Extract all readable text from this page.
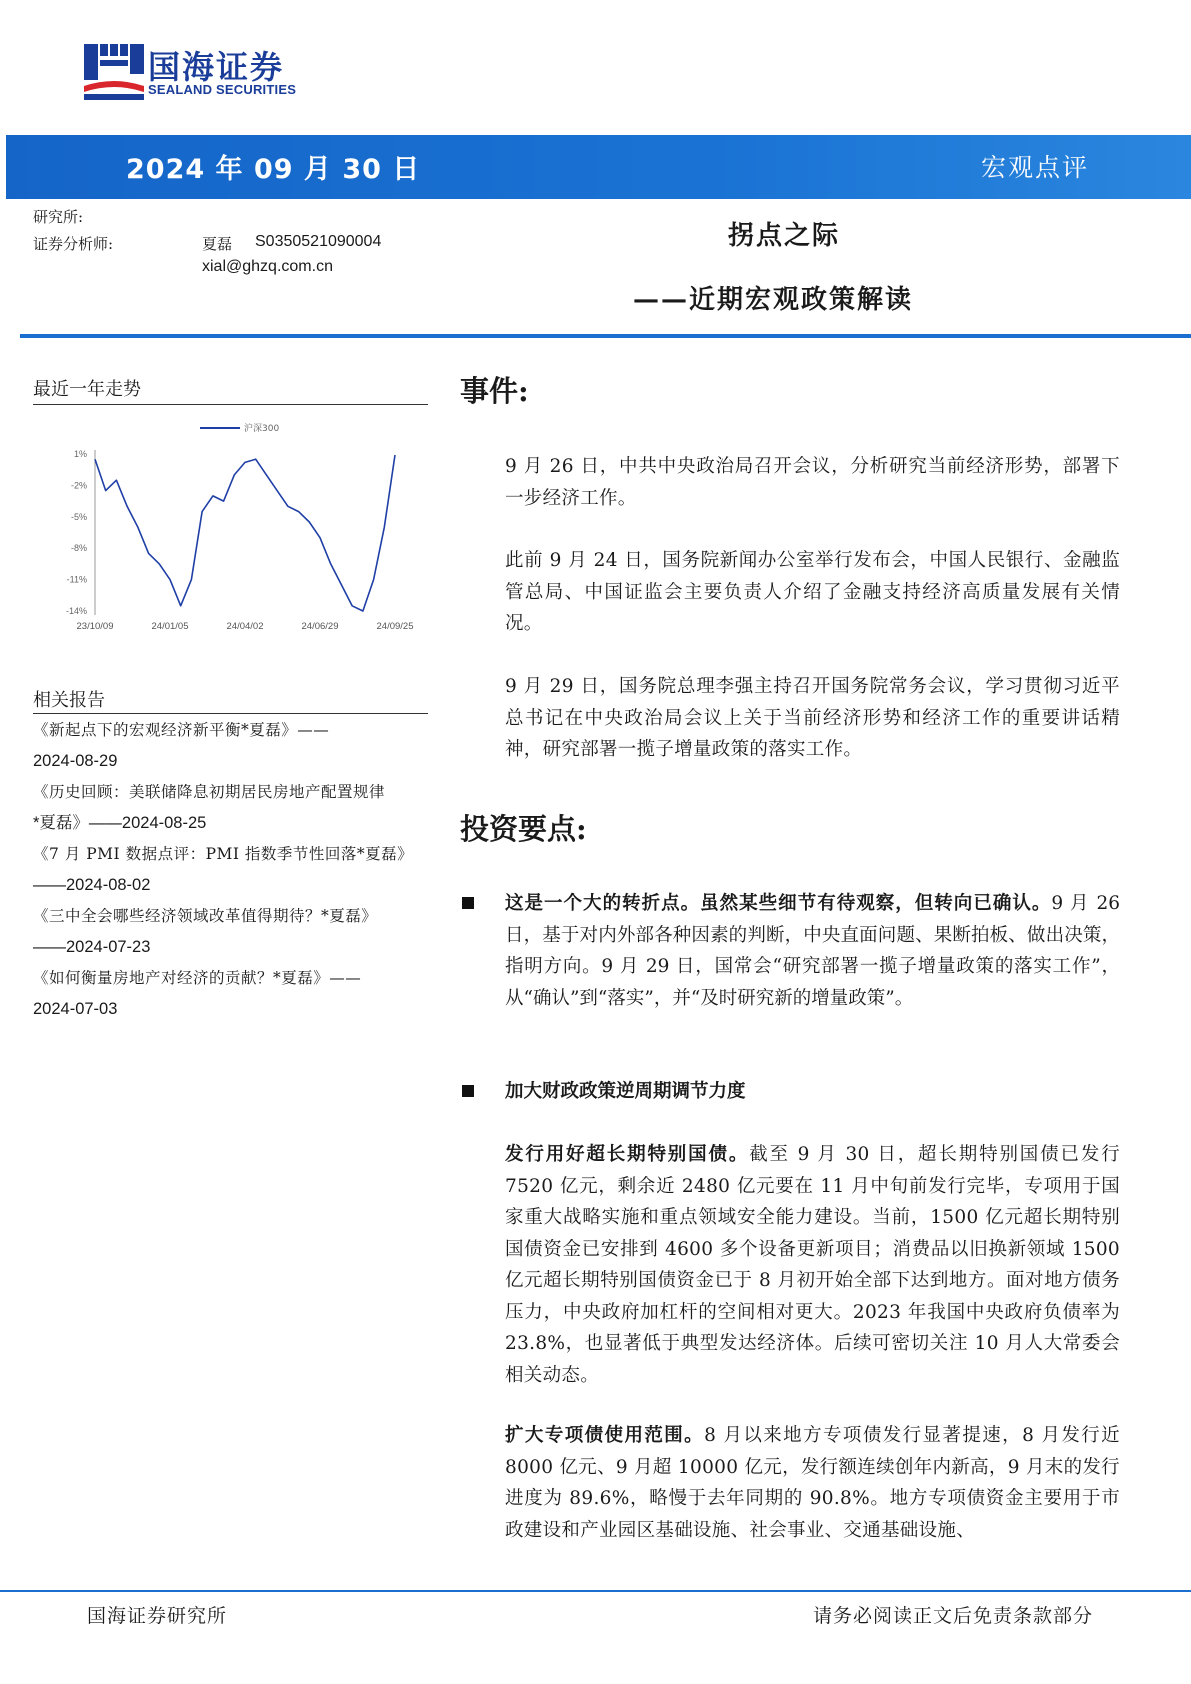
国海证券
SEALAND SECURITIES
2024 年 09 月 30 日	宏观点评
研究所:
证券分析师:	夏磊 S0350521090004
xial@ghzq.com.cn
拐点之际
——近期宏观政策解读
最近一年走势
1%
-2%
-5%
-8%
-11%
-14%
23/10/09	24/01/05	24/04/02	24/06/29	24/09/25
沪深300
相关报告
《新起点下的宏观经济新平衡*夏磊》——
2024-08-29
《历史回顾：美联储降息初期居民房地产配置规律
*夏磊》——2024-08-25
《7 月 PMI 数据点评：PMI 指数季节性回落*夏磊》
——2024-08-02
《三中全会哪些经济领域改革值得期待？*夏磊》
——2024-07-23
《如何衡量房地产对经济的贡献？*夏磊》——
2024-07-03
事件:
9 月 26 日，中共中央政治局召开会议，分析研究当前经济形势，部署下一步经济工作。
此前 9 月 24 日，国务院新闻办公室举行发布会，中国人民银行、金融监管总局、中国证监会主要负责人介绍了金融支持经济高质量发展有关情况。
9 月 29 日，国务院总理李强主持召开国务院常务会议，学习贯彻习近平总书记在中央政治局会议上关于当前经济形势和经济工作的重要讲话精神，研究部署一揽子增量政策的落实工作。
投资要点:
这是一个大的转折点。虽然某些细节有待观察，但转向已确认。9 月 26 日，基于对内外部各种因素的判断，中央直面问题、果断拍板、做出决策，指明方向。9 月 29 日，国常会“研究部署一揽子增量政策的落实工作”，从“确认”到“落实”，并“及时研究新的增量政策”。
加大财政政策逆周期调节力度
发行用好超长期特别国债。截至 9 月 30 日，超长期特别国债已发行 7520 亿元，剩余近 2480 亿元要在 11 月中旬前发行完毕，专项用于国家重大战略实施和重点领域安全能力建设。当前，1500 亿元超长期特别国债资金已安排到 4600 多个设备更新项目；消费品以旧换新领域 1500 亿元超长期特别国债资金已于 8 月初开始全部下达到地方。面对地方债务压力，中央政府加杠杆的空间相对更大。2023 年我国中央政府负债率为 23.8%，也显著低于典型发达经济体。后续可密切关注 10 月人大常委会相关动态。
扩大专项债使用范围。8 月以来地方专项债发行显著提速，8 月发行近 8000 亿元、9 月超 10000 亿元，发行额连续创年内新高，9 月末的发行进度为 89.6%，略慢于去年同期的 90.8%。地方专项债资金主要用于市政建设和产业园区基础设施、社会事业、交通基础设施、
国海证券研究所	请务必阅读正文后免责条款部分
